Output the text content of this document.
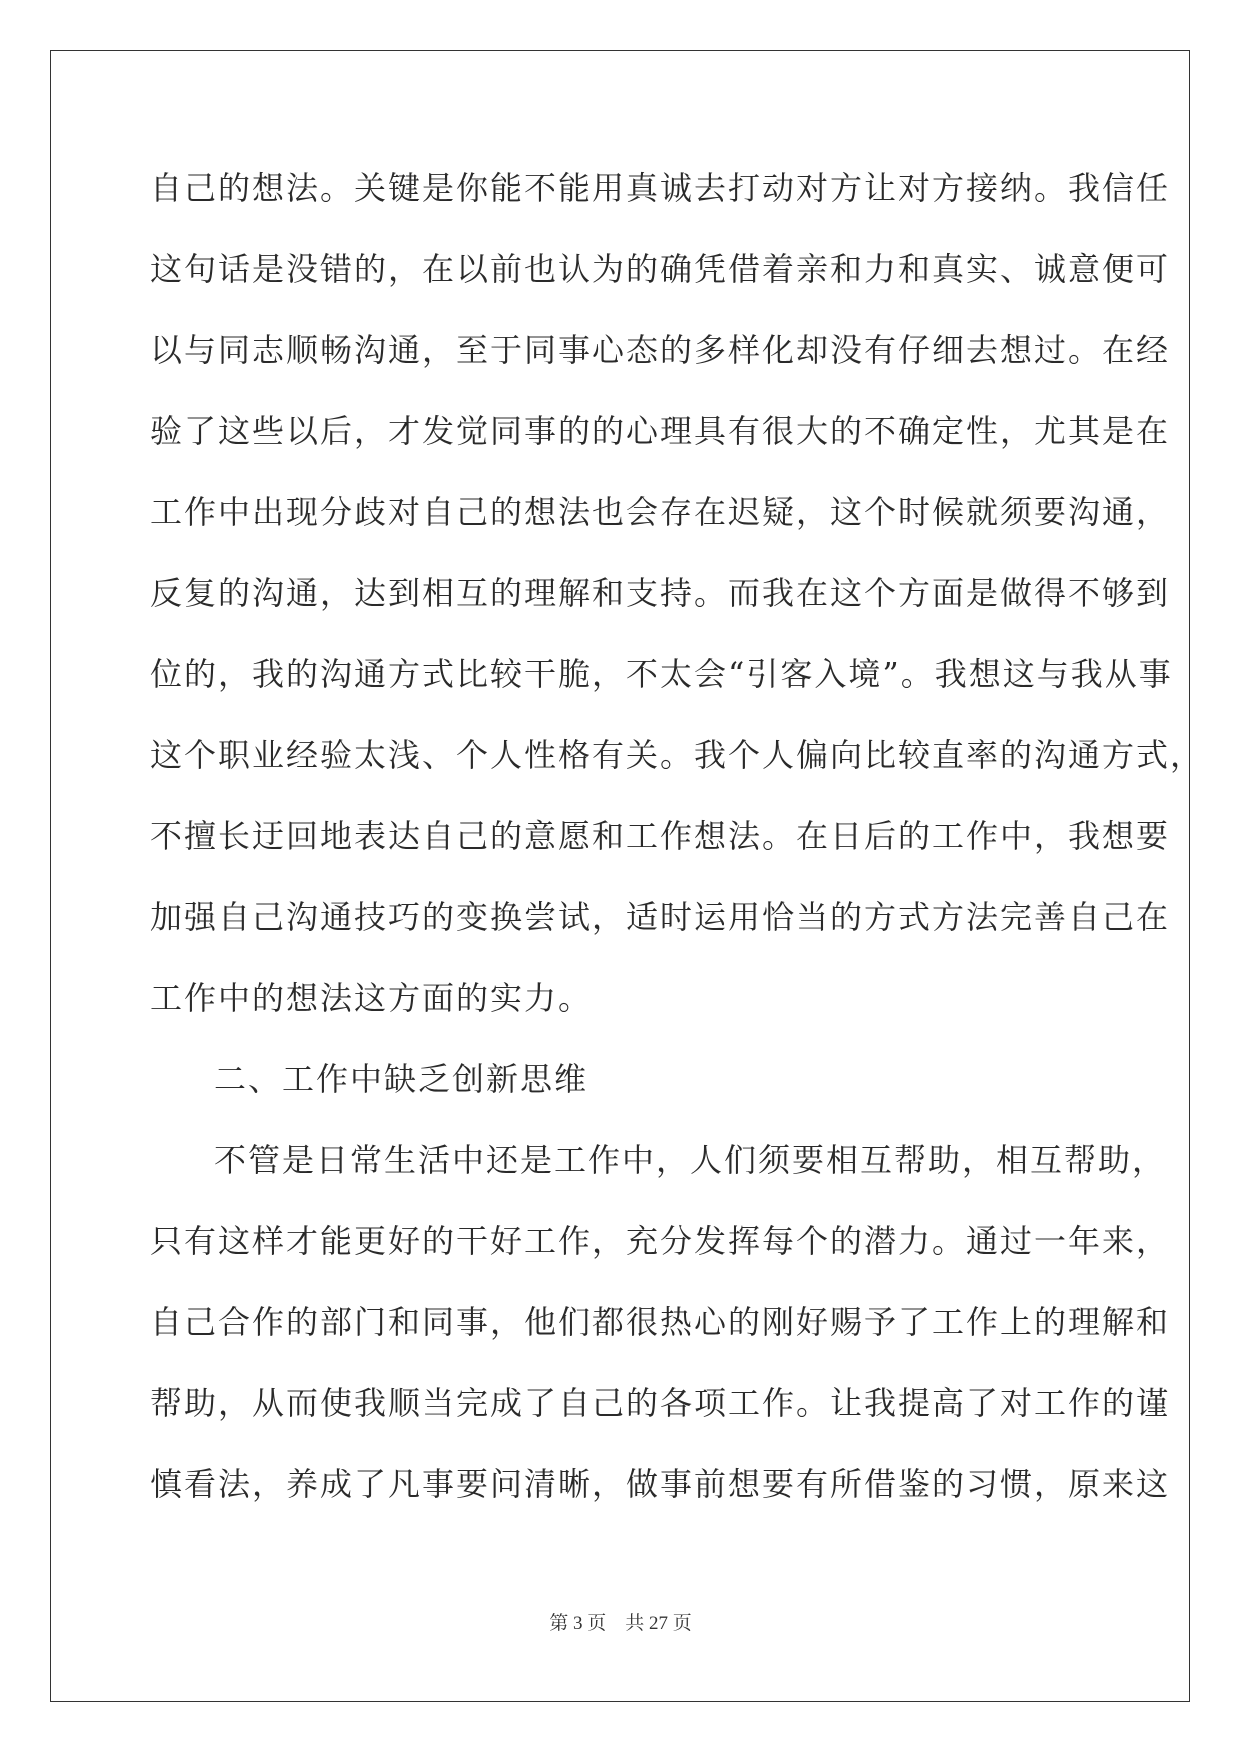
自己的想法。关键是你能不能用真诚去打动对方让对方接纳。我信任
这句话是没错的，在以前也认为的确凭借着亲和力和真实、诚意便可
以与同志顺畅沟通，至于同事心态的多样化却没有仔细去想过。在经
验了这些以后，才发觉同事的的心理具有很大的不确定性，尤其是在
工作中出现分歧对自己的想法也会存在迟疑，这个时候就须要沟通，
反复的沟通，达到相互的理解和支持。而我在这个方面是做得不够到
位的，我的沟通方式比较干脆，不太会“引客入境”。我想这与我从事
这个职业经验太浅、个人性格有关。我个人偏向比较直率的沟通方式，
不擅长迂回地表达自己的意愿和工作想法。在日后的工作中，我想要
加强自己沟通技巧的变换尝试，适时运用恰当的方式方法完善自己在
工作中的想法这方面的实力。
二、工作中缺乏创新思维
不管是日常生活中还是工作中，人们须要相互帮助，相互帮助，
只有这样才能更好的干好工作，充分发挥每个的潜力。通过一年来，
自己合作的部门和同事，他们都很热心的刚好赐予了工作上的理解和
帮助，从而使我顺当完成了自己的各项工作。让我提高了对工作的谨
慎看法，养成了凡事要问清晰，做事前想要有所借鉴的习惯，原来这
第 3 页　共 27 页
